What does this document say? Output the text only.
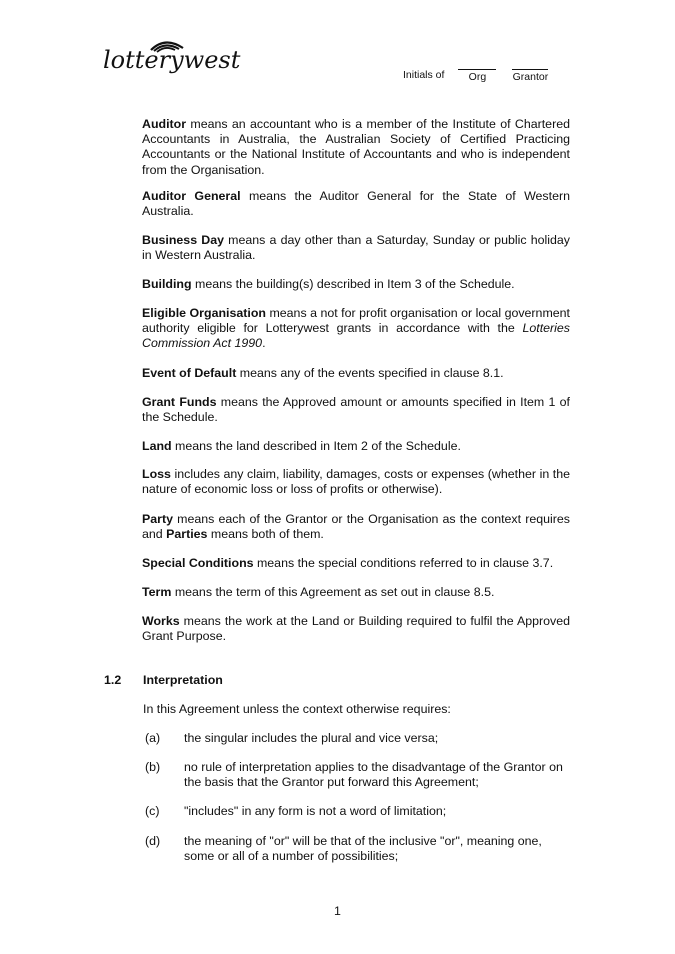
lotterywest
Initials of	Org	Grantor
Auditor means an accountant who is a member of the Institute of Chartered Accountants in Australia, the Australian Society of Certified Practicing Accountants or the National Institute of Accountants and who is independent from the Organisation.
Auditor General means the Auditor General for the State of Western Australia.
Business Day means a day other than a Saturday, Sunday or public holiday in Western Australia.
Building means the building(s) described in Item 3 of the Schedule.
Eligible Organisation means a not for profit organisation or local government authority eligible for Lotterywest grants in accordance with the Lotteries Commission Act 1990.
Event of Default means any of the events specified in clause 8.1.
Grant Funds means the Approved amount or amounts specified in Item 1 of the Schedule.
Land means the land described in Item 2 of the Schedule.
Loss includes any claim, liability, damages, costs or expenses (whether in the nature of economic loss or loss of profits or otherwise).
Party means each of the Grantor or the Organisation as the context requires and Parties means both of them.
Special Conditions means the special conditions referred to in clause 3.7.
Term means the term of this Agreement as set out in clause 8.5.
Works means the work at the Land or Building required to fulfil the Approved Grant Purpose.
1.2 Interpretation
In this Agreement unless the context otherwise requires:
(a) the singular includes the plural and vice versa;
(b) no rule of interpretation applies to the disadvantage of the Grantor on the basis that the Grantor put forward this Agreement;
(c) "includes" in any form is not a word of limitation;
(d) the meaning of "or" will be that of the inclusive "or", meaning one, some or all of a number of possibilities;
1
